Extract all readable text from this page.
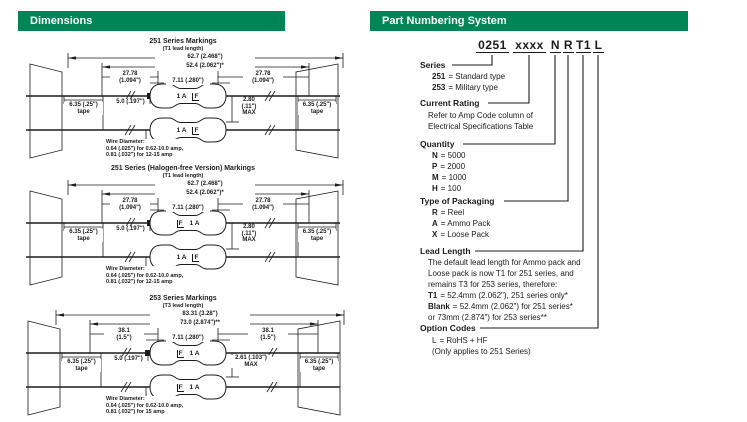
Dimensions
251 Series Markings
(T1 lead length)
62.7 (2.468")
52.4 (2.062")*
27.78
(1.094")
27.78
(1.094")
7.11 (.280")
2.80
(.11")
MAX
6.35 (.25")
tape
6.35 (.25")
tape
5.0 (.197")
1 A	F
1 A	F
Wire Diameter:
0.64 (.025") for 0.62-10.0 amp,
0.81 (.032") for 12-15 amp
251 Series (Halogen-free Version) Markings
(T1 lead length)
62.7 (2.468")
52.4 (2.062")*
27.78
(1.094")
27.78
(1.094")
7.11 (.280")
2.80
(.11")
MAX
6.35 (.25")
tape
6.35 (.25")
tape
5.0 (.197")
F 1 A
1 A	F
Wire Diameter:
0.64 (.025") for 0.62-10.0 amp,
0.81 (.032") for 12-15 amp
253 Series Markings
(T3 lead length)
83.31 (3.28")
73.0 (2.874")**
38.1
(1.5")
38.1
(1.5")
7.11 (.280")
2.61 (.103")
MAX
6.35 (.25")
tape
6.35 (.25")
tape
5.0 (.197")
F 1 A
F 1 A
Wire Diameter:
0.64 (.025") for 0.62-10.0 amp,
0.81 (.032") for 15 amp
Part Numbering System
0251 xxxx N R T1 L
Series
251 = Standard type
253 = Military type
Current Rating
Refer to Amp Code column of
Electrical Specifications Table
Quantity
N = 5000
P = 2000
M = 1000
H = 100
Type of Packaging
R = Reel
A = Ammo Pack
X = Loose Pack
Lead Length
The default lead length for Ammo pack and
Loose pack is now T1 for 251 series, and
remains T3 for 253 series, therefore:
T1 = 52.4mm (2.062"), 251 series only*
Blank = 52.4mm (2.062") for 251 series*
or 73mm (2.874") for 253 series**
Option Codes
L = RoHS + HF
(Only applies to 251 Series)
